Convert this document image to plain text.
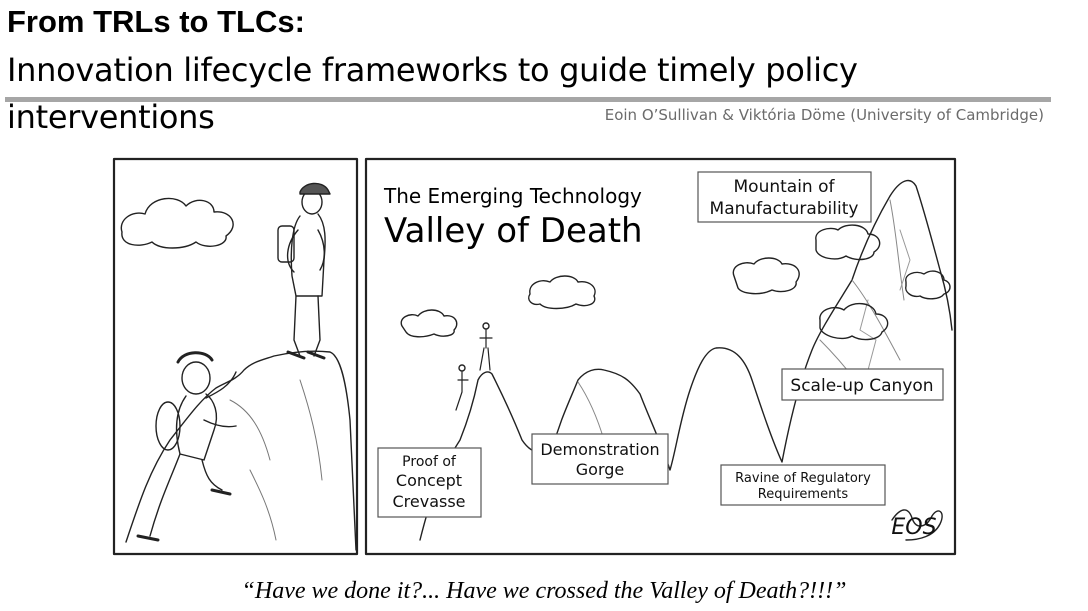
From TRLs to TLCs:
Innovation lifecycle frameworks to guide timely policy
interventions	Eoin O’Sullivan & Viktória Döme (University of Cambridge)
The Emerging Technology
Valley of Death
Mountain of
Manufacturability
Scale-up Canyon
Demonstration
Gorge
Proof of
Concept
Crevasse
Ravine of Regulatory
Requirements
EOS
“Have we done it?... Have we crossed the Valley of Death?!!!”
